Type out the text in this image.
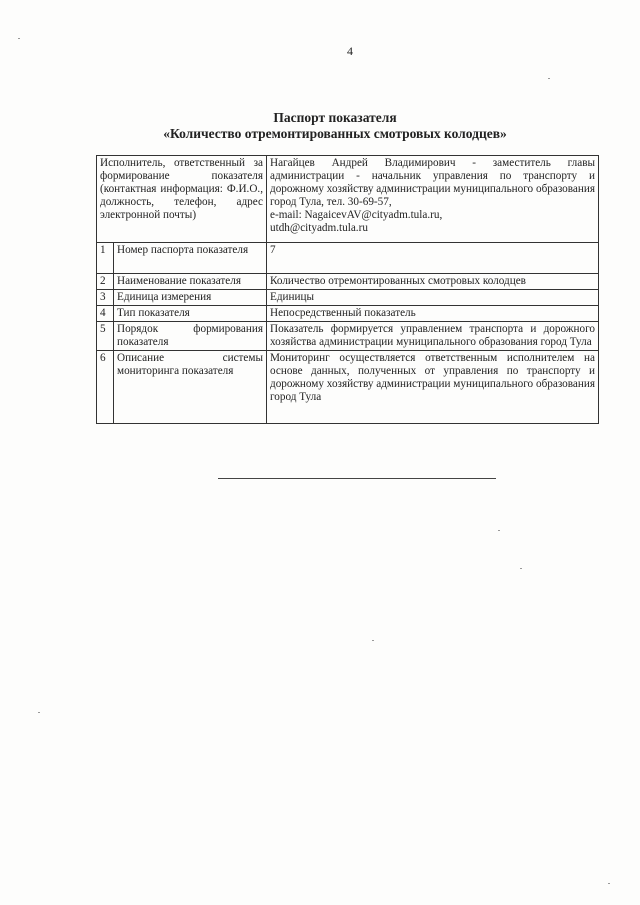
4
Паспорт показателя
«Количество отремонтированных смотровых колодцев»
Исполнитель, ответственный за формирование показателя (контактная информация: Ф.И.О., должность, телефон, адрес электронной почты)		Нагайцев Андрей Владимирович - заместитель главы администрации - начальник управления по транспорту и дорожному хозяйству администрации муниципального образования город Тула, тел. 30-69-57,
e-mail: NagaicevAV@cityadm.tula.ru,
utdh@cityadm.tula.ru

1	Номер паспорта показателя	7
2	Наименование показателя	Количество отремонтированных смотровых колодцев
3	Единица измерения	Единицы
4	Тип показателя	Непосредственный показатель
5	Порядок формирования показателя	Показатель формируется управлением транспорта и дорожного хозяйства администрации муниципального образования город Тула
6	Описание системы мониторинга показателя	Мониторинг осуществляется ответственным исполнителем на основе данных, полученных от управления по транспорту и дорожному хозяйству администрации муниципального образования город Тула
